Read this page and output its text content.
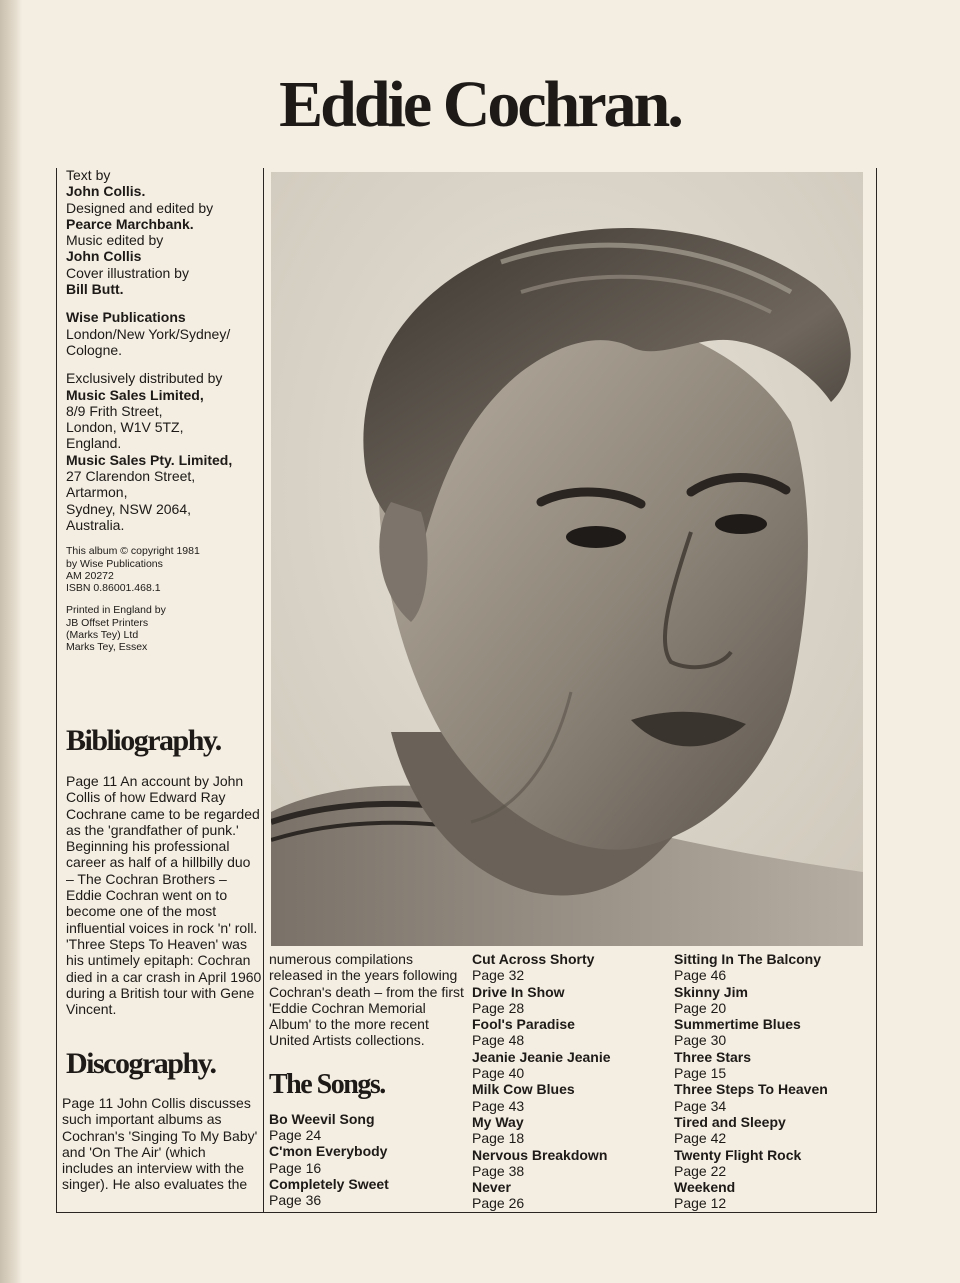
Eddie Cochran.
Text by
John Collis.
Designed and edited by
Pearce Marchbank.
Music edited by
John Collis
Cover illustration by
Bill Butt.
Wise Publications
London/New York/Sydney/
Cologne.
Exclusively distributed by
Music Sales Limited,
8/9 Frith Street,
London, W1V 5TZ,
England.
Music Sales Pty. Limited,
27 Clarendon Street,
Artarmon,
Sydney, NSW 2064,
Australia.

This album © copyright 1981

by Wise Publications

AM 20272

ISBN 0.86001.468.1

Printed in England by

JB Offset Printers

(Marks Tey) Ltd

Marks Tey, Essex

Bibliography.

Page 11 An account by John Collis of how Edward Ray Cochrane came to be regarded as the 'grandfather of punk.' Beginning his professional career as half of a hillbilly duo – The Cochran Brothers – Eddie Cochran went on to become one of the most influential voices in rock 'n' roll. 'Three Steps To Heaven' was his untimely epitaph: Cochran died in a car crash in April 1960 during a British tour with Gene Vincent.

Discography.

Page 11 John Collis discusses such important albums as Cochran's 'Singing To My Baby' and 'On The Air' (which includes an interview with the singer). He also evaluates the

numerous compilations released in the years following Cochran's death – from the first 'Eddie Cochran Memorial Album' to the more recent United Artists collections.

The Songs.

Bo Weevil Song

Page 24

C'mon Everybody

Page 16

Completely Sweet

Page 36

Cut Across Shorty

Page 32

Drive In Show

Page 28

Fool's Paradise

Page 48

Jeanie Jeanie Jeanie

Page 40

Milk Cow Blues

Page 43

My Way

Page 18

Nervous Breakdown

Page 38

Never

Page 26

Sitting In The Balcony

Page 46

Skinny Jim

Page 20

Summertime Blues

Page 30

Three Stars

Page 15

Three Steps To Heaven

Page 34

Tired and Sleepy

Page 42

Twenty Flight Rock

Page 22

Weekend

Page 12
